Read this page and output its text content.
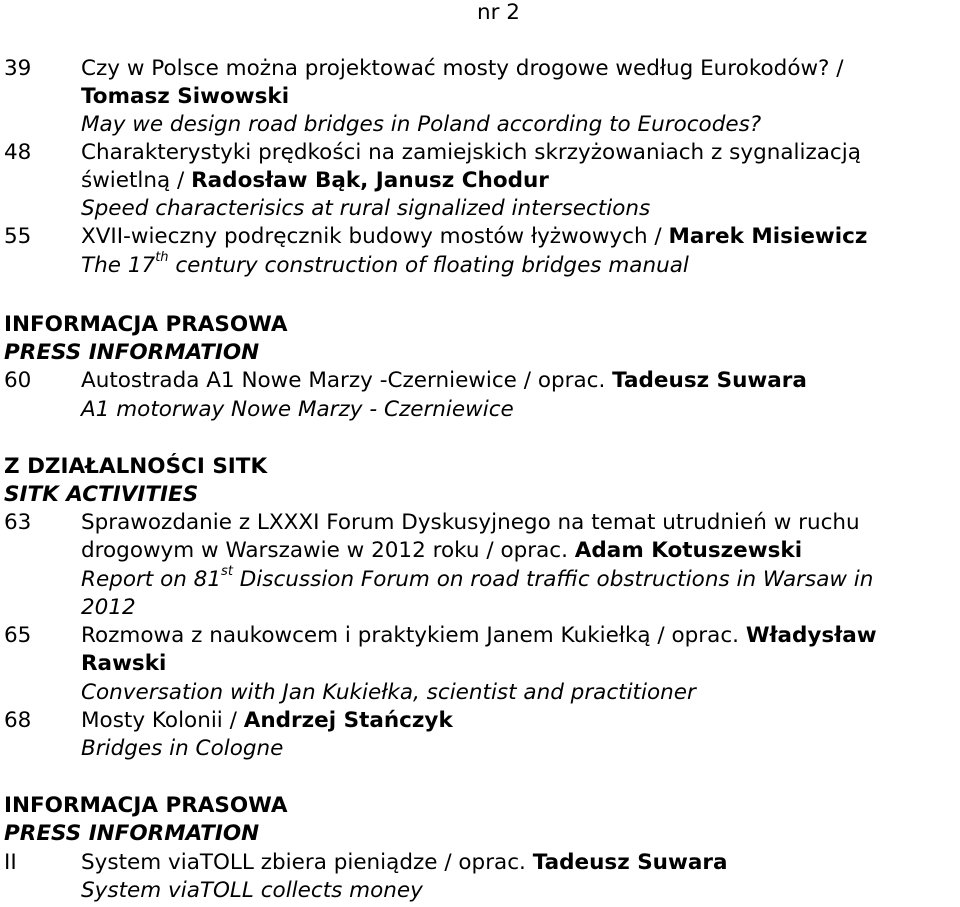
nr 2
39 Czy w Polsce można projektować mosty drogowe według Eurokodów? /
Tomasz Siwowski
May we design road bridges in Poland according to Eurocodes?
48 Charakterystyki prędkości na zamiejskich skrzyżowaniach z sygnalizacją
świetlną / Radosław Bąk, Janusz Chodur
Speed characterisics at rural signalized intersections
55 XVII-wieczny podręcznik budowy mostów łyżwowych / Marek Misiewicz
The 17th century construction of floating bridges manual
INFORMACJA PRASOWA
PRESS INFORMATION
60 Autostrada A1 Nowe Marzy -Czerniewice / oprac. Tadeusz Suwara
A1 motorway Nowe Marzy - Czerniewice
Z DZIAŁALNOŚCI SITK
SITK ACTIVITIES
63 Sprawozdanie z LXXXI Forum Dyskusyjnego na temat utrudnień w ruchu
drogowym w Warszawie w 2012 roku / oprac. Adam Kotuszewski
Report on 81st Discussion Forum on road traffic obstructions in Warsaw in
2012
65 Rozmowa z naukowcem i praktykiem Janem Kukiełką / oprac. Władysław
Rawski
Conversation with Jan Kukiełka, scientist and practitioner
68 Mosty Kolonii / Andrzej Stańczyk
Bridges in Cologne
INFORMACJA PRASOWA
PRESS INFORMATION
II	System viaTOLL zbiera pieniądze / oprac. Tadeusz Suwara
System viaTOLL collects money
